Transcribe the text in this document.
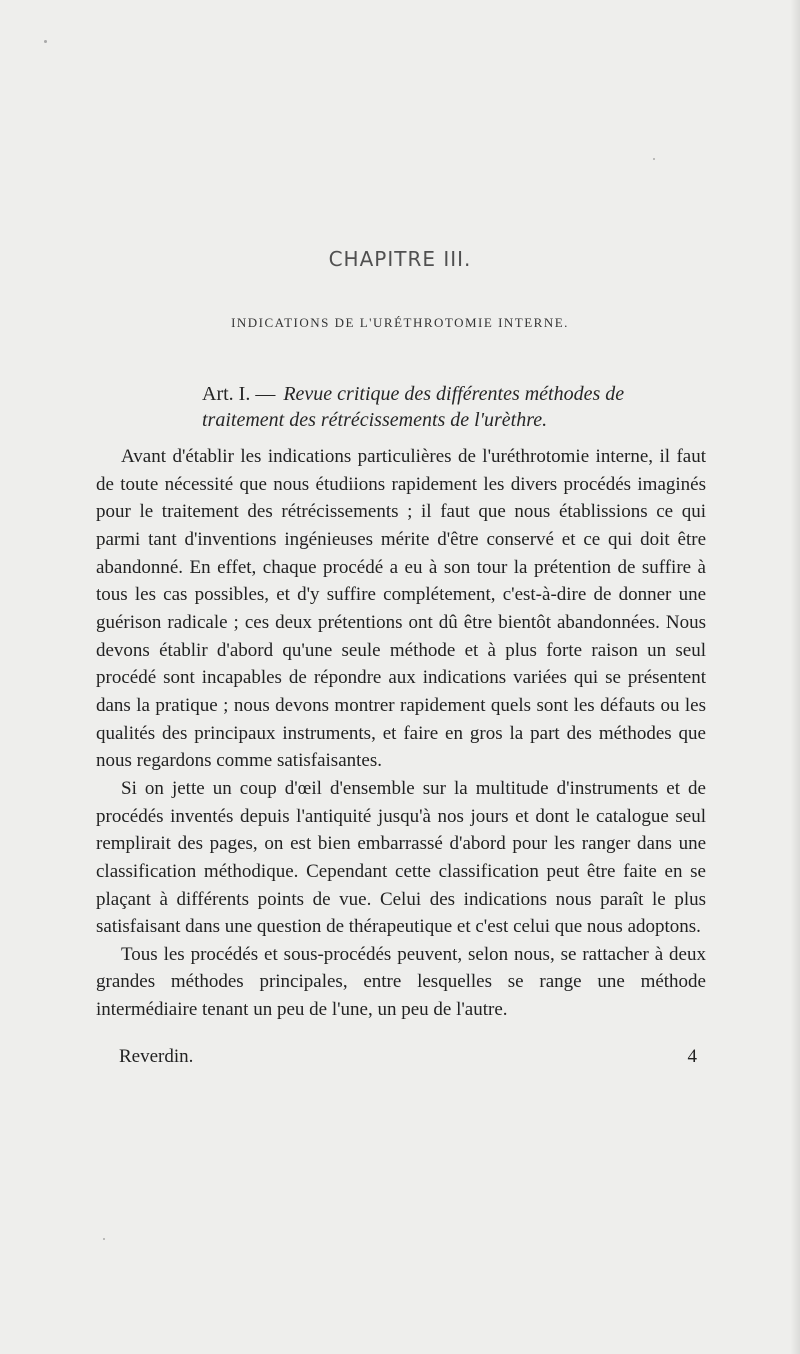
CHAPITRE III.
INDICATIONS DE L'URÉTHROTOMIE INTERNE.
Art. I. — Revue critique des différentes méthodes de traitement des rétrécissements de l'urèthre.

Avant d'établir les indications particulières de l'uréthrotomie interne, il faut de toute nécessité que nous étudiions rapidement les divers procédés imaginés pour le traitement des rétrécissements ; il faut que nous établissions ce qui parmi tant d'inventions ingénieuses mérite d'être conservé et ce qui doit être abandonné. En effet, chaque procédé a eu à son tour la prétention de suffire à tous les cas possibles, et d'y suffire complétement, c'est-à-dire de donner une guérison radicale ; ces deux prétentions ont dû être bientôt abandonnées. Nous devons établir d'abord qu'une seule méthode et à plus forte raison un seul procédé sont incapables de répondre aux indications variées qui se présentent dans la pratique ; nous devons montrer rapidement quels sont les défauts ou les qualités des principaux instruments, et faire en gros la part des méthodes que nous regardons comme satisfaisantes.

Si on jette un coup d'œil d'ensemble sur la multitude d'instruments et de procédés inventés depuis l'antiquité jusqu'à nos jours et dont le catalogue seul remplirait des pages, on est bien embarrassé d'abord pour les ranger dans une classification méthodique. Cependant cette classification peut être faite en se plaçant à différents points de vue. Celui des indications nous paraît le plus satisfaisant dans une question de thérapeutique et c'est celui que nous adoptons.

Tous les procédés et sous-procédés peuvent, selon nous, se rattacher à deux grandes méthodes principales, entre lesquelles se range une méthode intermédiaire tenant un peu de l'une, un peu de l'autre.

Reverdin.	4
